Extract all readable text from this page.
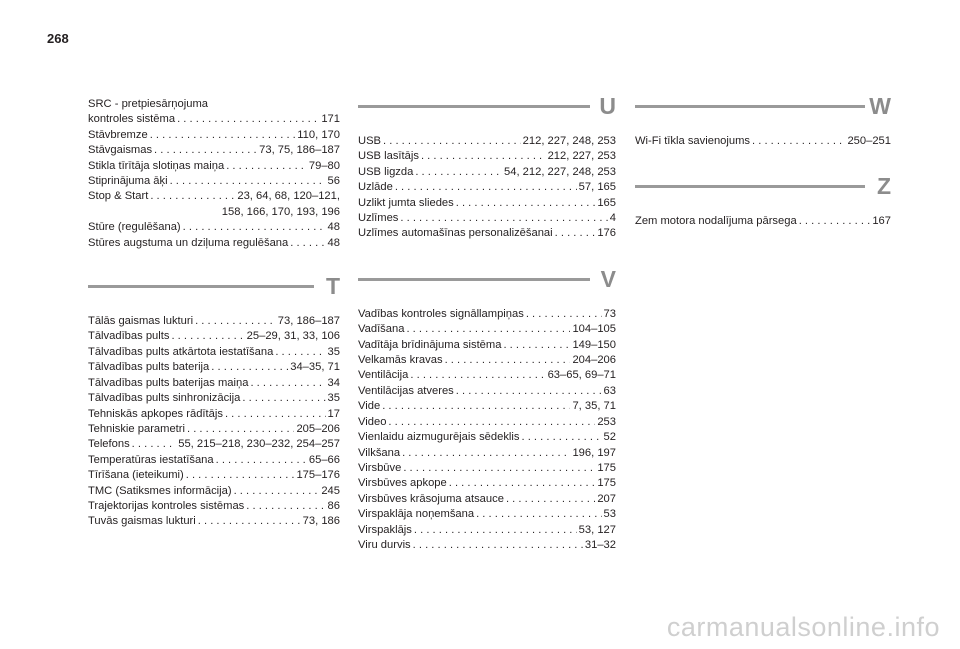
268
SRC - pretpiesārņojuma
kontroles sistēma . . .	171
Stāvbremze . . .	110, 170
Stāvgaismas . . .	73, 75, 186–187
Stikla tīrītāja slotiņas maiņa . . .	79–80
Stiprinājuma āķi . . .	56
Stop & Start . . .	23, 64, 68, 120–121,
158, 166, 170, 193, 196
Stūre (regulēšana) . . .	48
Stūres augstuma un dziļuma regulēšana . . .	48
T
Tālās gaismas lukturi . . .	73, 186–187
Tālvadības pults . . .	25–29, 31, 33, 106
Tālvadības pults atkārtota iestatīšana . . .	35
Tālvadības pults baterija . . .	34–35, 71
Tālvadības pults baterijas maiņa . . .	34
Tālvadības pults sinhronizācija . . .	35
Tehniskās apkopes rādītājs . . .	17
Tehniskie parametri . . .	205–206
Telefons . . .	55, 215–218, 230–232, 254–257
Temperatūras iestatīšana . . .	65–66
Tīrīšana (ieteikumi) . . .	175–176
TMC (Satiksmes informācija) . . .	245
Trajektorijas kontroles sistēmas . . .	86
Tuvās gaismas lukturi . . .	73, 186
U
USB . . .	212, 227, 248, 253
USB lasītājs . . .	212, 227, 253
USB ligzda . . .	54, 212, 227, 248, 253
Uzlāde . . .	57, 165
Uzlikt jumta sliedes . . .	165
Uzlīmes . . .	4
Uzlīmes automašīnas personalizēšanai . . .	176
V
Vadības kontroles signāllampiņas . . .	73
Vadīšana . . .	104–105
Vadītāja brīdinājuma sistēma . . .	149–150
Velkamās kravas . . .	204–206
Ventilācija . . .	63–65, 69–71
Ventilācijas atveres . . .	63
Vide . . .	7, 35, 71
Video . . .	253
Vienlaidu aizmugurējais sēdeklis . . .	52
Vilkšana . . .	196, 197
Virsbūve . . .	175
Virsbūves apkope . . .	175
Virsbūves krāsojuma atsauce . . .	207
Virspaklāja noņemšana . . .	53
Virspaklājs . . .	53, 127
Viru durvis . . .	31–32
W
Wi-Fi tīkla savienojums . . .	250–251
Z
Zem motora nodalījuma pārsega . . .	167
carmanualsonline.info
